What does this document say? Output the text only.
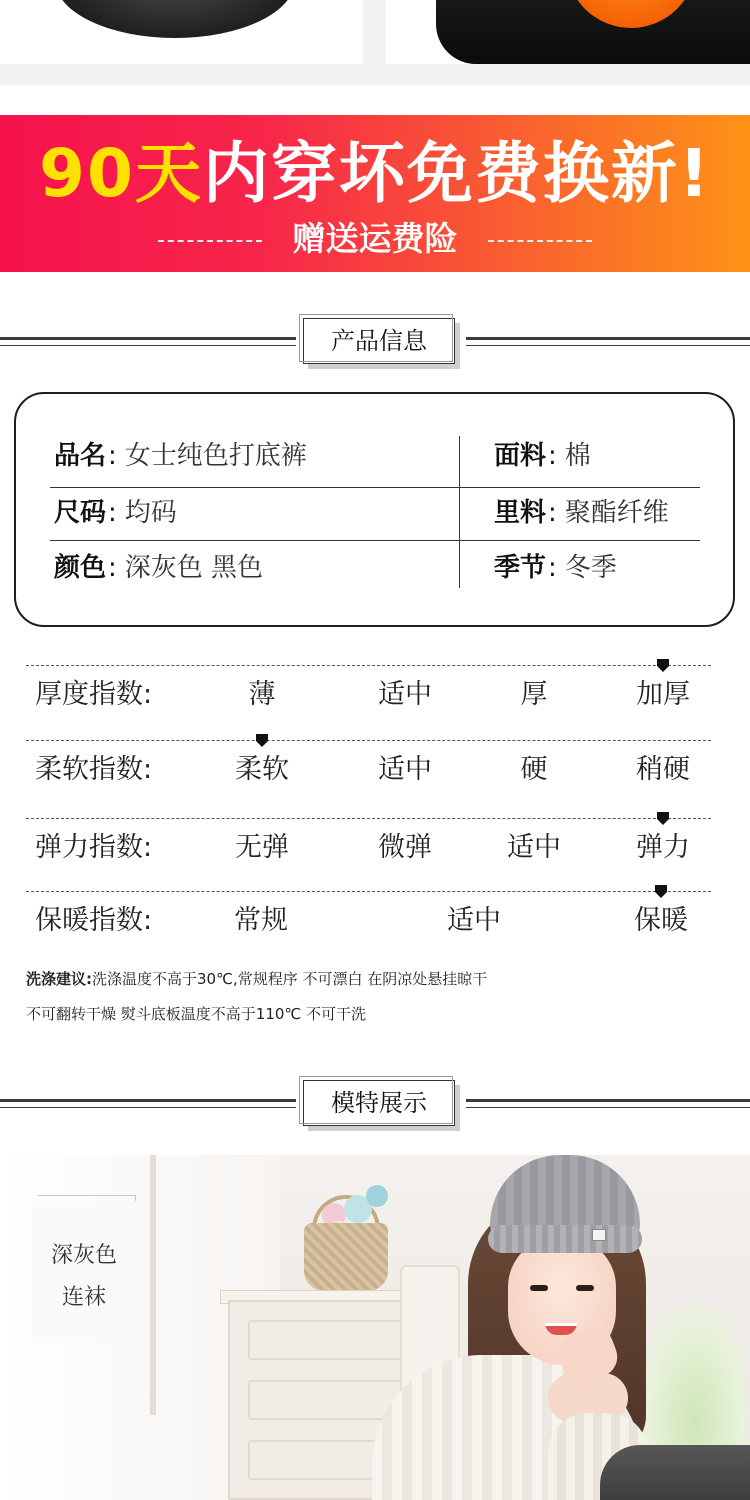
90天内穿坏免费换新!
赠送运费险
产品信息
品名: 女士纯色打底裤	面料: 棉
尺码: 均码	里料: 聚酯纤维
颜色: 深灰色 黑色	季节: 冬季
厚度指数:	薄	适中	厚	加厚
柔软指数:	柔软	适中	硬	稍硬
弹力指数:	无弹	微弹	适中	弹力
保暖指数:	常规	适中	保暖
洗涤建议:洗涤温度不高于30℃,常规程序 不可漂白 在阴凉处悬挂晾干
不可翻转干燥 熨斗底板温度不高于110℃ 不可干洗
模特展示
深灰色
连袜
